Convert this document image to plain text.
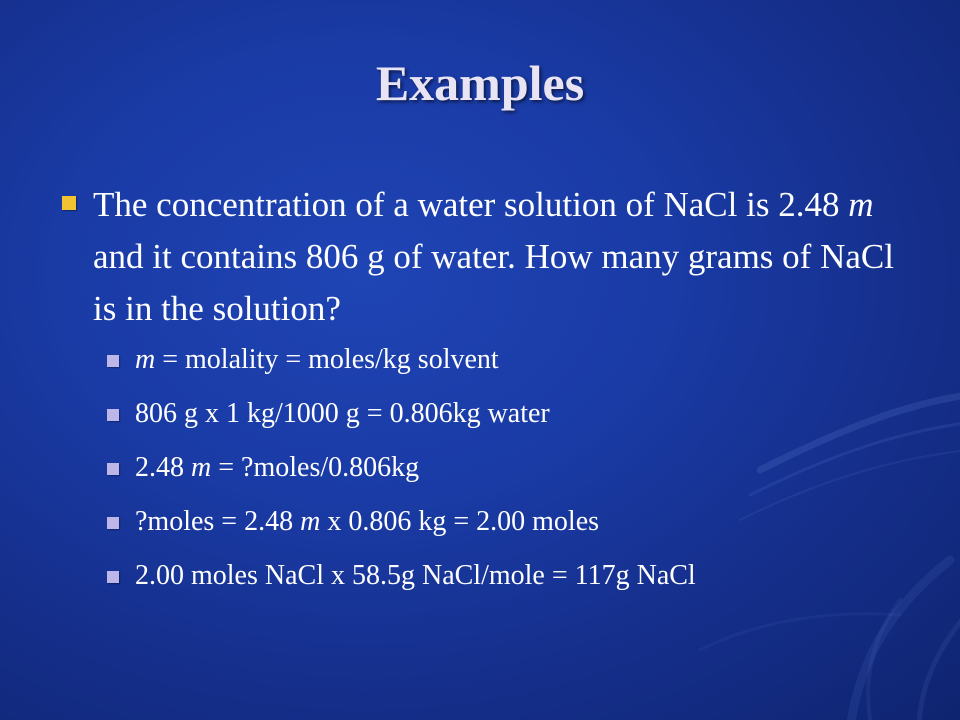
Examples
The concentration of a water solution of NaCl is 2.48 m and it contains 806 g of water. How many grams of NaCl is in the solution?
m = molality = moles/kg solvent
806 g x 1 kg/1000 g = 0.806kg water
2.48 m = ?moles/0.806kg
?moles = 2.48 m x 0.806 kg = 2.00 moles
2.00 moles NaCl x 58.5g NaCl/mole = 117g NaCl
